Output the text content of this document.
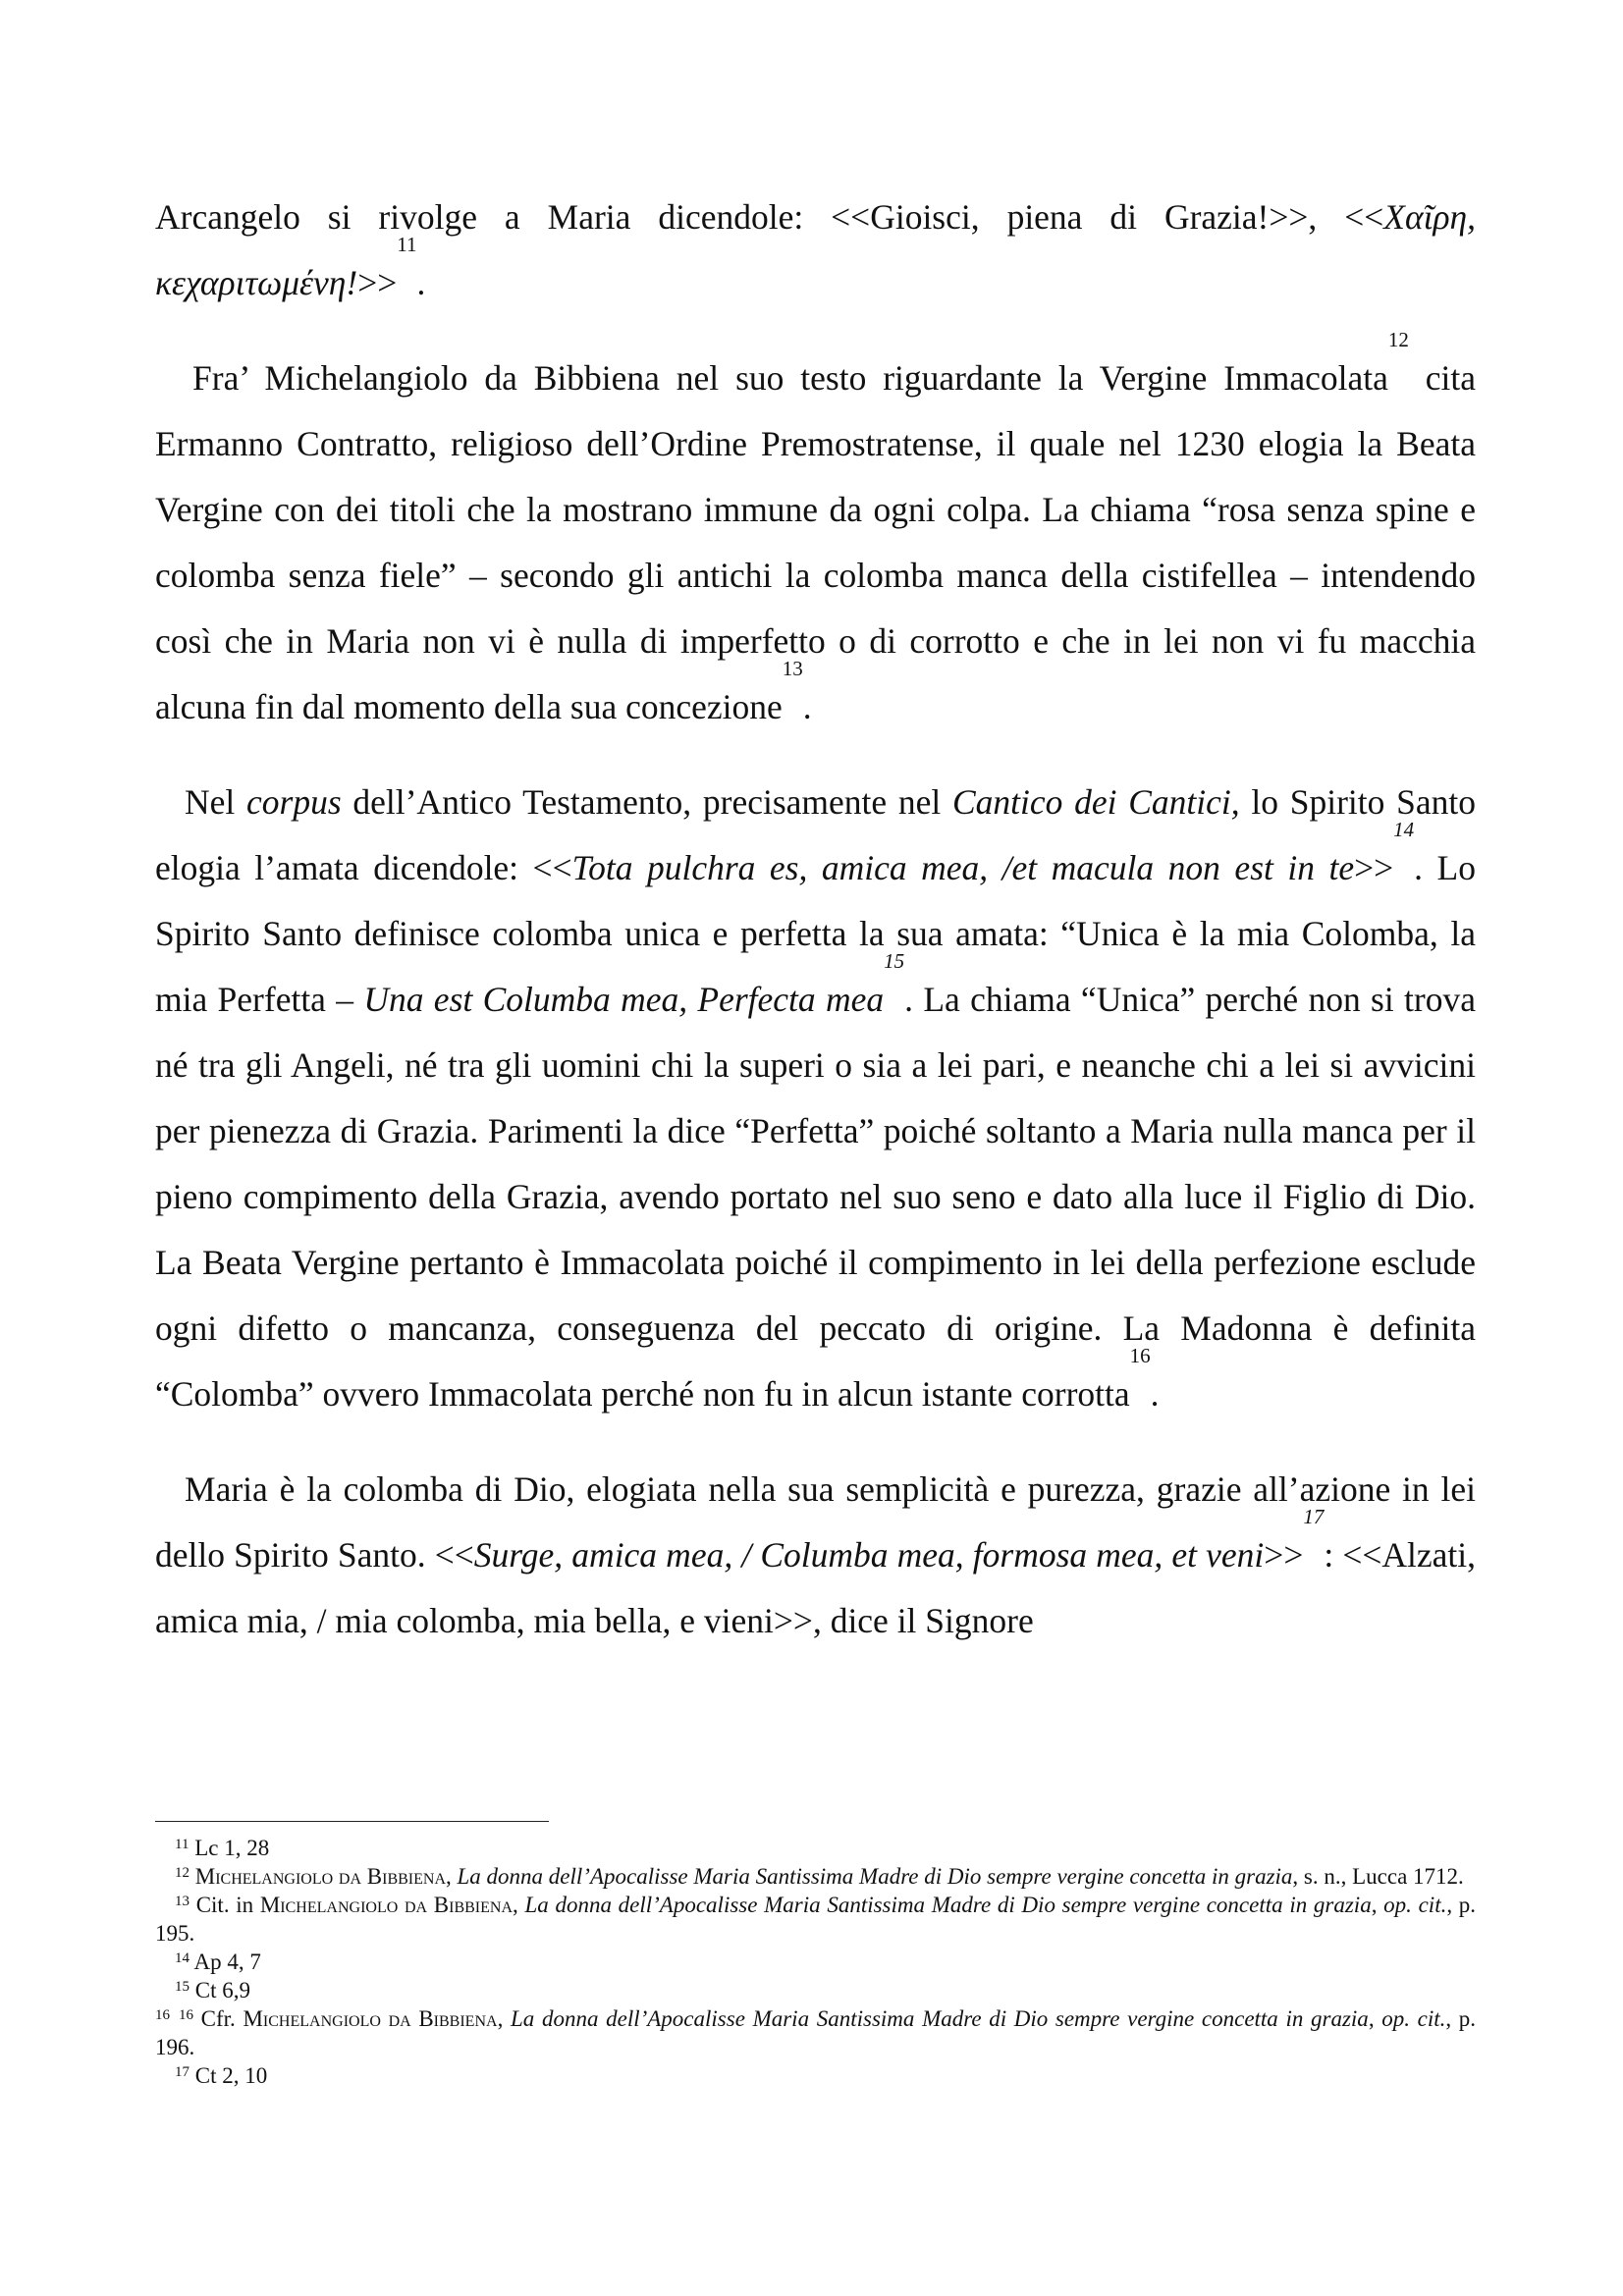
Arcangelo si rivolge a Maria dicendole: <<Gioisci, piena di Grazia!>>, <<Χαῖρη, κεχαριτωμένη!>>$^{11}$.

Fra’ Michelangiolo da Bibbiena nel suo testo riguardante la Vergine Immacolata$^{12}$ cita Ermanno Contratto, religioso dell’Ordine Premostratense, il quale nel 1230 elogia la Beata Vergine con dei titoli che la mostrano immune da ogni colpa. La chiama “rosa senza spine e colomba senza fiele” – secondo gli antichi la colomba manca della cistifellea – intendendo così che in Maria non vi è nulla di imperfetto o di corrotto e che in lei non vi fu macchia alcuna fin dal momento della sua concezione$^{13}$.

Nel corpus dell’Antico Testamento, precisamente nel Cantico dei Cantici, lo Spirito Santo elogia l’amata dicendole: <<Tota pulchra es, amica mea, /et macula non est in te>>$^{14}$. Lo Spirito Santo definisce colomba unica e perfetta la sua amata: “Unica è la mia Colomba, la mia Perfetta – Una est Columba mea, Perfecta mea$^{15}$. La chiama “Unica” perché non si trova né tra gli Angeli, né tra gli uomini chi la superi o sia a lei pari, e neanche chi a lei si avvicini per pienezza di Grazia. Parimenti la dice “Perfetta” poiché soltanto a Maria nulla manca per il pieno compimento della Grazia, avendo portato nel suo seno e dato alla luce il Figlio di Dio. La Beata Vergine pertanto è Immacolata poiché il compimento in lei della perfezione esclude ogni difetto o mancanza, conseguenza del peccato di origine. La Madonna è definita “Colomba” ovvero Immacolata perché non fu in alcun istante corrotta$^{16}$.

Maria è la colomba di Dio, elogiata nella sua semplicità e purezza, grazie all’azione in lei dello Spirito Santo. <<Surge, amica mea, / Columba mea, formosa mea, et veni>>$^{17}$: <<Alzati, amica mia, / mia colomba, mia bella, e vieni>>, dice il Signore

$^{11}$ Lc 1, 28

$^{12}$ Michelangiolo da Bibbiena, La donna dell’Apocalisse Maria Santissima Madre di Dio sempre vergine concetta in grazia, s. n., Lucca 1712.

$^{13}$ Cit. in Michelangiolo da Bibbiena, La donna dell’Apocalisse Maria Santissima Madre di Dio sempre vergine concetta in grazia, op. cit., p. 195.

$^{14}$ Ap 4, 7

$^{15}$ Ct 6,9

16 $^{16}$ Cfr. Michelangiolo da Bibbiena, La donna dell’Apocalisse Maria Santissima Madre di Dio sempre vergine concetta in grazia, op. cit., p. 196.

$^{17}$ Ct 2, 10
